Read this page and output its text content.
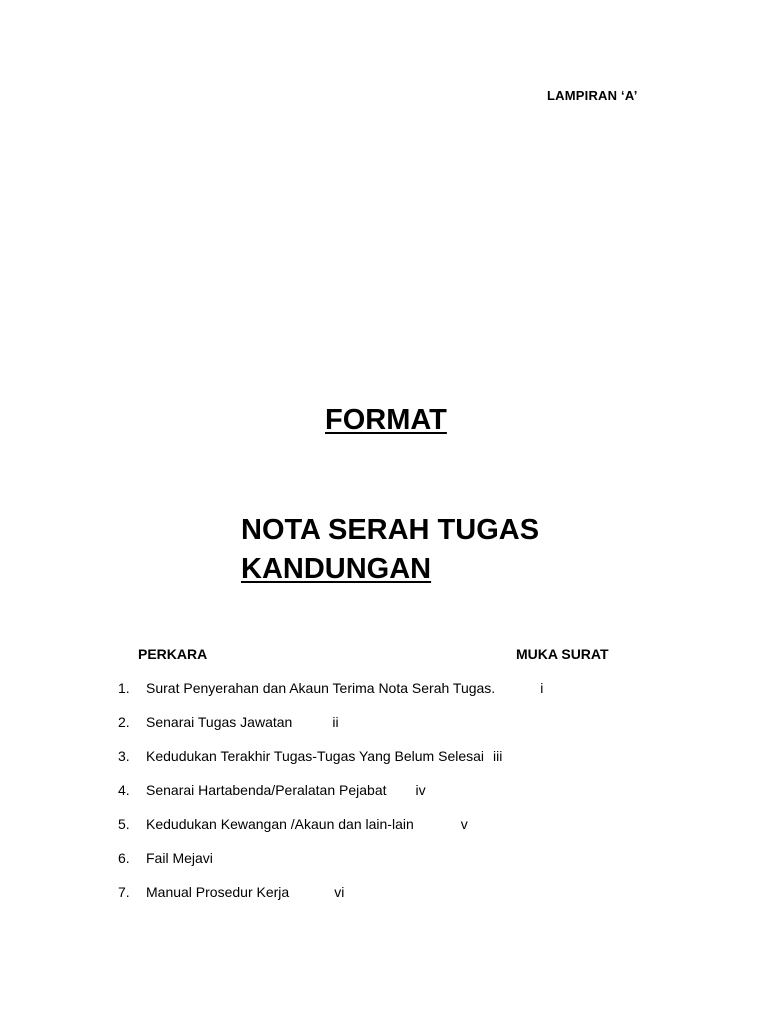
LAMPIRAN ‘A’
FORMAT
NOTA SERAH TUGAS
KANDUNGAN
PERKARA	MUKA SURAT
1. Surat Penyerahan dan Akaun Terima Nota Serah Tugas.	i
2. Senarai Tugas Jawatan	ii
3. Kedudukan Terakhir Tugas-Tugas Yang Belum Selesai iii
4. Senarai Hartabenda/Peralatan Pejabat iv
5. Kedudukan Kewangan /Akaun dan lain-lain	v
6. Fail Mejavi
7. Manual Prosedur Kerja	vi
